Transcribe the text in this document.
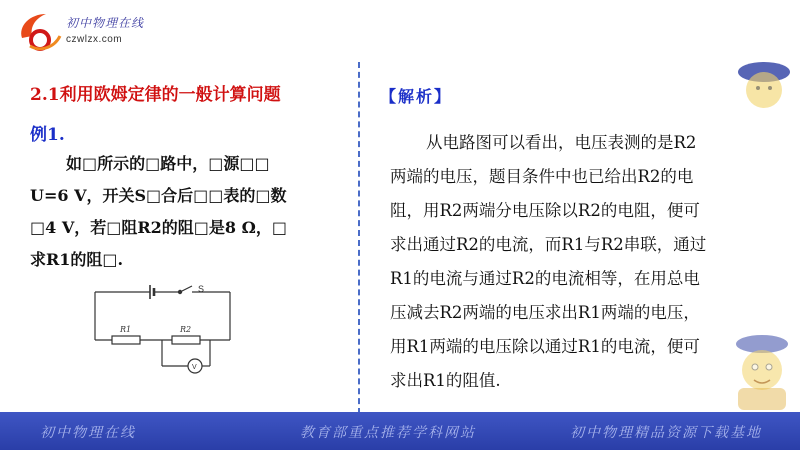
初中物理在线
czwlzx.com
2.1利用欧姆定律的一般计算问题
例1.

如□所示的□路中，□源□□

U=6 V，开关S□合后□□表的□数

□4 V，若□阻R2的阻□是8 Ω，□

求R1的阻□.

S
R1	R2
V
【解析】

从电路图可以看出，电压表测的是R2

两端的电压，题目条件中也已给出R2的电

阻，用R2两端分电压除以R2的电阻，便可

求出通过R2的电流，而R1与R2串联，通过

R1的电流与通过R2的电流相等，在用总电

压减去R2两端的电压求出R1两端的电压，

用R1两端的电压除以通过R1的电流，便可

求出R1的阻值.

初中物理在线	教育部重点推荐学科网站	初中物理精品资源下载基地
